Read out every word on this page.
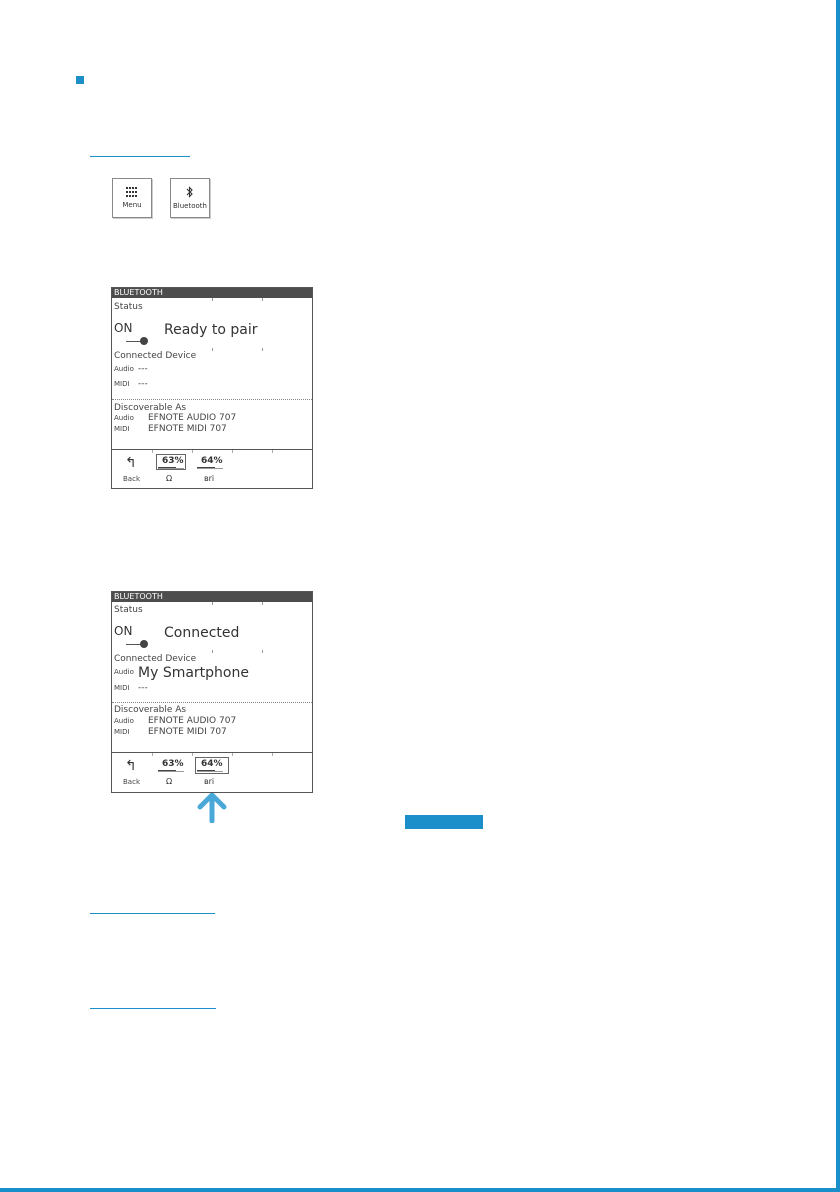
Menu	Bluetooth
BLUETOOTH
Status
ON Ready to pair
Connected Device
Audio ---
MIDI ---
Discoverable As
Audio EFNOTE AUDIO 707
MIDI EFNOTE MIDI 707
↰
Back
63%
Ω
64%
ʙri
BLUETOOTH
Status
ON Connected
Connected Device
Audio My Smartphone
MIDI ---
Discoverable As
Audio EFNOTE AUDIO 707
MIDI EFNOTE MIDI 707
↰
Back
63%
Ω
64%
ʙri
